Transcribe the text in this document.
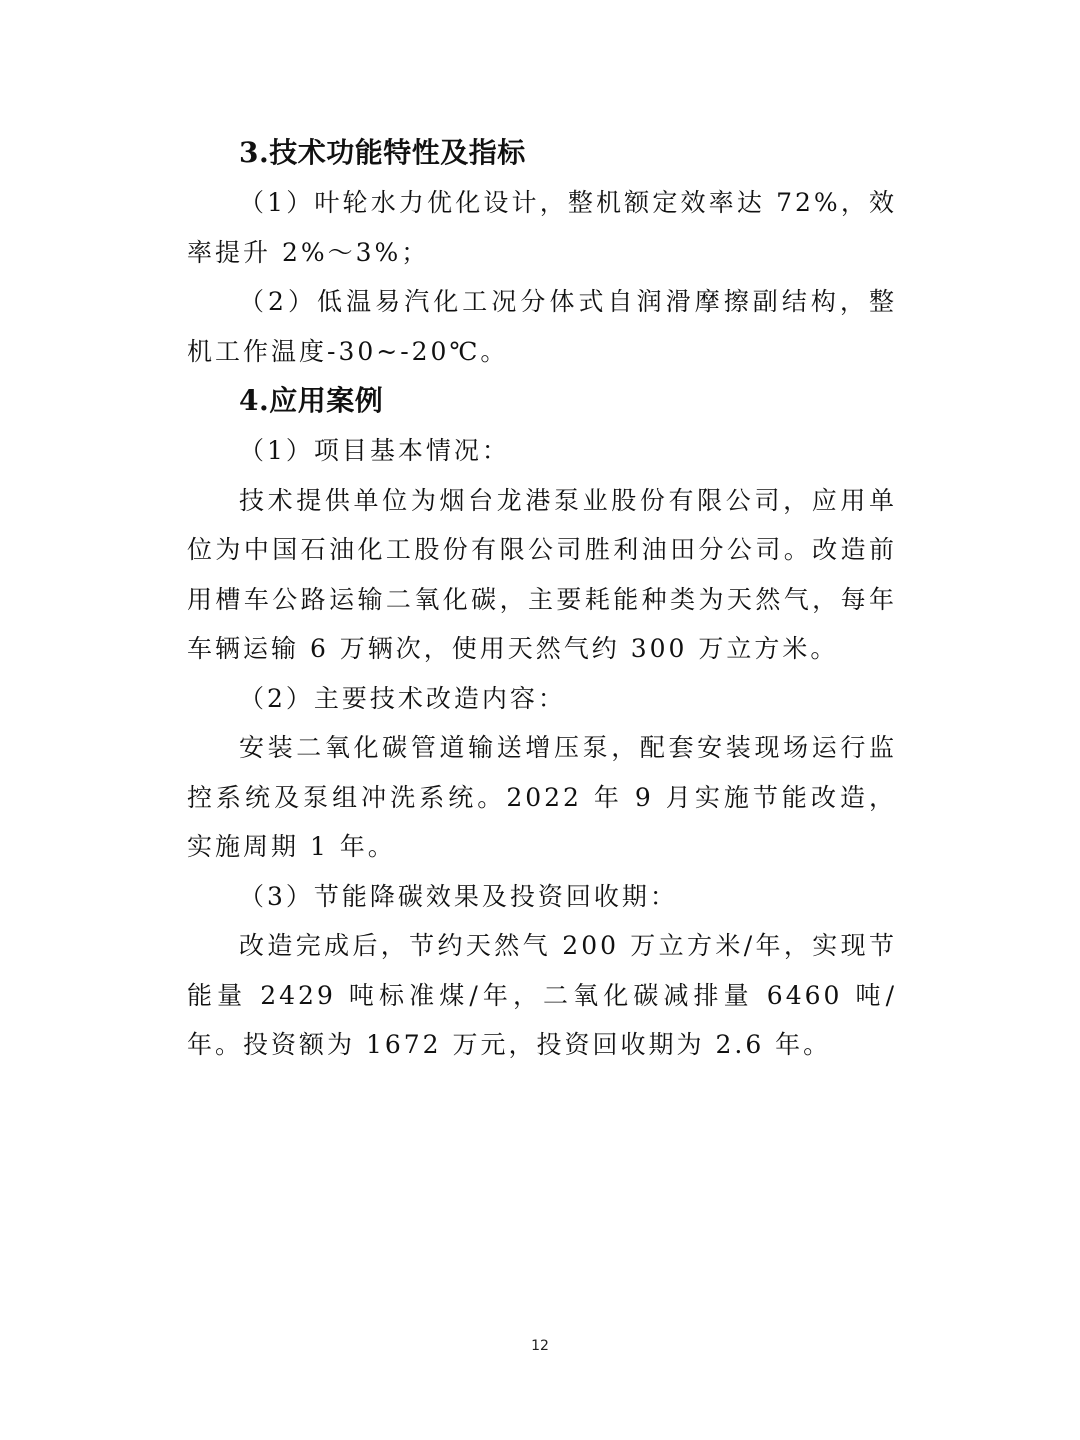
3.技术功能特性及指标

（1）叶轮水力优化设计，整机额定效率达 72%，效率提升 2%～3%；

（2）低温易汽化工况分体式自润滑摩擦副结构，整机工作温度-30~-20℃。

4.应用案例

（1）项目基本情况：

技术提供单位为烟台龙港泵业股份有限公司，应用单位为中国石油化工股份有限公司胜利油田分公司。改造前用槽车公路运输二氧化碳，主要耗能种类为天然气，每年车辆运输 6 万辆次，使用天然气约 300 万立方米。

（2）主要技术改造内容：

安装二氧化碳管道输送增压泵，配套安装现场运行监控系统及泵组冲洗系统。2022 年 9 月实施节能改造，实施周期 1 年。

（3）节能降碳效果及投资回收期：

改造完成后，节约天然气 200 万立方米/年，实现节能量 2429 吨标准煤/年，二氧化碳减排量 6460 吨/年。投资额为 1672 万元，投资回收期为 2.6 年。

12
